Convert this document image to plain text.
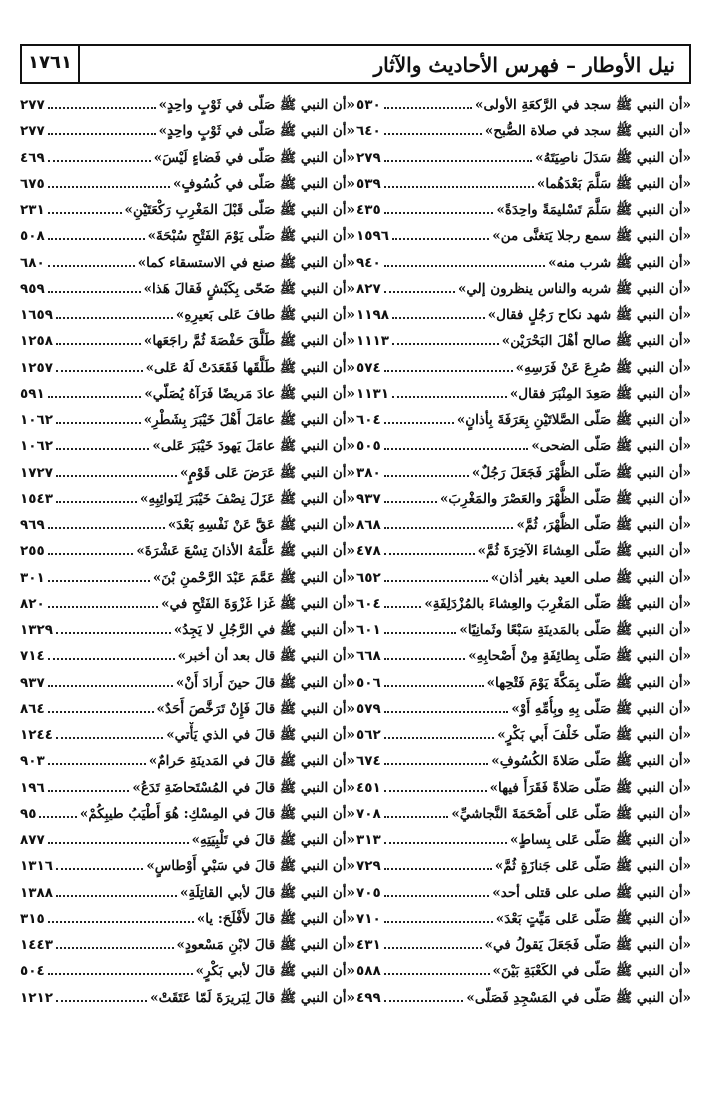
نيل الأوطار – فهرس الأحاديث والآثار
١٧٦١
«أن النبي ﷺ سجد في الرَّكعَةِ الأولى»
٥٣٠
«أن النبي ﷺ سجد في صلاة الصُّبح»
٦٤٠
«أن النبي ﷺ سَدَلَ ناصِيَتَهُ»
٢٧٩
«أن النبي ﷺ سَلَّمَ بَعْدَهُما»
٥٣٩
«أن النبي ﷺ سَلَّمَ تَسْليمَةً واحِدَةً»
٤٣٥
«أن النبي ﷺ سمع رجلا يَتغنَّى من»
١٥٩٦
«أن النبي ﷺ شرب منه»
٩٤٠
«أن النبي ﷺ شربه والناس ينظرون إلي»
٨٢٧
«أن النبي ﷺ شهد نكاح رَجُلٍ فقال»
١١٩٨
«أن النبي ﷺ صالح أهْلَ البَحْرَيْن»
١١١٣
«أن النبي ﷺ صُرِعَ عَنْ فَرَسِهِ»
٥٧٤
«أن النبي ﷺ صَعِدَ المِنْبَرَ فقال»
١١٣١
«أن النبي ﷺ صَلّى الصَّلاتَيْنِ بِعَرَفَةَ بِأذانٍ»
٦٠٤
«أن النبي ﷺ صَلّى الضحى»
٥٠٥
«أن النبي ﷺ صَلّى الظُّهْرَ فَجَعَلَ رَجُلٌ»
٣٨٠
«أن النبي ﷺ صَلّى الظُّهْرَ والعَصْرَ والمَغْرِبَ»
٩٣٧
«أن النبي ﷺ صَلّى الظُّهْرَ، ثُمَّ»
٨٦٨
«أن النبي ﷺ صَلّى العِشاءَ الآخِرَةَ ثُمَّ»
٤٧٨
«أن النبي ﷺ صلى العيد بغير أذان»
٦٥٢
«أن النبي ﷺ صَلّى المَغْرِبَ والعِشاءَ بالمُزْدَلِفَةِ»
٦٠٤
«أن النبي ﷺ صَلّى بالمَدينَةِ سَبْعًا وثَمانِيًا»
٦٠١
«أن النبي ﷺ صَلّى بِطائِفَةٍ مِنْ أَصْحابِهِ»
٦٦٨
«أن النبي ﷺ صَلّى بِمَكَّةَ يَوْمَ فَتْحِها»
٥٠٦
«أن النبي ﷺ صَلّى بِهِ وبِأُمِّهِ أَوْ»
٥٧٩
«أن النبي ﷺ صَلّى خَلْفَ أَبي بَكْرٍ»
٥٦٢
«أن النبي ﷺ صَلّى صَلاةَ الكُسُوفِ»
٦٧٤
«أن النبي ﷺ صَلّى صَلاةً فَقَرَأَ فيها»
٤٥١
«أن النبي ﷺ صَلّى عَلى أَصْحَمَةَ النَّجاشيِّ»
٧٠٨
«أن النبي ﷺ صَلّى عَلى بِساطٍ»
٣١٣
«أن النبي ﷺ صَلّى عَلى جَنازَةٍ ثُمَّ»
٧٢٩
«أن النبي ﷺ صلى على قتلى أحد»
٧٠٥
«أن النبي ﷺ صَلّى عَلى مَيِّتٍ بَعْدَ»
٧١٠
«أن النبي ﷺ صَلّى فَجَعَلَ يَقولُ في»
٤٣١
«أن النبي ﷺ صَلّى في الكَعْبَةِ بَيْنَ»
٥٨٨
«أن النبي ﷺ صَلّى في المَسْجِدِ فَصَلّى»
٤٩٩
«أن النبي ﷺ صَلّى في ثَوْبٍ واحِدٍ»
٢٧٧
«أن النبي ﷺ صَلّى في ثَوْبٍ واحِدٍ»
٢٧٧
«أن النبي ﷺ صَلّى في فَضاءٍ لَيْسَ»
٤٦٩
«أن النبي ﷺ صَلّى في كُسُوفٍ»
٦٧٥
«أن النبي ﷺ صَلّى قَبْلَ المَغْرِبِ رَكْعَتَيْنِ»
٢٣١
«أن النبي ﷺ صَلّى يَوْمَ الفَتْحِ سُبْحَةَ»
٥٠٨
«أن النبي ﷺ صنع في الاستسقاء كما»
٦٨٠
«أن النبي ﷺ ضَحّى بِكَبْشٍ فَقالَ هَذا»
٩٥٩
«أن النبي ﷺ طافَ عَلى بَعيرِهِ»
١٦٥٩
«أن النبي ﷺ طَلَّقَ حَفْصَةَ ثُمَّ راجَعَها»
١٢٥٨
«أن النبي ﷺ طَلَّقَها فَقَعَدَتْ لَهُ عَلى»
١٢٥٧
«أن النبي ﷺ عادَ مَريضًا فَرَآهُ يُصَلّي»
٥٩١
«أن النبي ﷺ عامَلَ أَهْلَ خَيْبَرَ بِشَطْرِ»
١٠٦٢
«أن النبي ﷺ عامَلَ يَهودَ خَيْبَرَ عَلى»
١٠٦٢
«أن النبي ﷺ عَرَضَ عَلى قَوْمٍ»
١٧٢٧
«أن النبي ﷺ عَزَلَ نِصْفَ خَيْبَرَ لِنَوائِبِهِ»
١٥٤٣
«أن النبي ﷺ عَقَّ عَنْ نَفْسِهِ بَعْدَ»
٩٦٩
«أن النبي ﷺ عَلَّمَهُ الأذانَ تِسْعَ عَشْرَةَ»
٢٥٥
«أن النبي ﷺ عَمَّمَ عَبْدَ الرَّحْمنِ بْنَ»
٣٠١
«أن النبي ﷺ غَزا غَزْوَةَ الفَتْحِ في»
٨٢٠
«أن النبي ﷺ في الرَّجُلِ لا يَجِدُ»
١٣٢٩
«أن النبي ﷺ قال بعد أن أخبر»
٧١٤
«أن النبي ﷺ قالَ حينَ أَرادَ أَنْ»
٩٣٧
«أن النبي ﷺ قالَ فَإِنْ تَرَخَّصَ أَحَدٌ»
٨٦٤
«أن النبي ﷺ قالَ في الذي يَأْتي»
١٢٤٤
«أن النبي ﷺ قالَ في المَدينَةِ حَرامٌ»
٩٠٣
«أن النبي ﷺ قالَ في المُسْتَحاضَةِ تَدَعُ»
١٩٦
«أن النبي ﷺ قالَ في المِسْكِ: هُوَ أَطْيَبُ طيبِكُمْ»
٩٥
«أن النبي ﷺ قالَ في تَلْبِيَتِهِ»
٨٧٧
«أن النبي ﷺ قالَ في سَبْيِ أَوْطاسٍ»
١٣١٦
«أن النبي ﷺ قالَ لأبي القاتِلَةِ»
١٣٨٨
«أن النبي ﷺ قالَ لأَفْلَحَ: يا»
٣١٥
«أن النبي ﷺ قالَ لابْنِ مَسْعودٍ»
١٤٤٣
«أن النبي ﷺ قالَ لأبي بَكْرٍ»
٥٠٤
«أن النبي ﷺ قالَ لِبَريرَةَ لَمّا عَتَقَتْ»
١٢١٢
